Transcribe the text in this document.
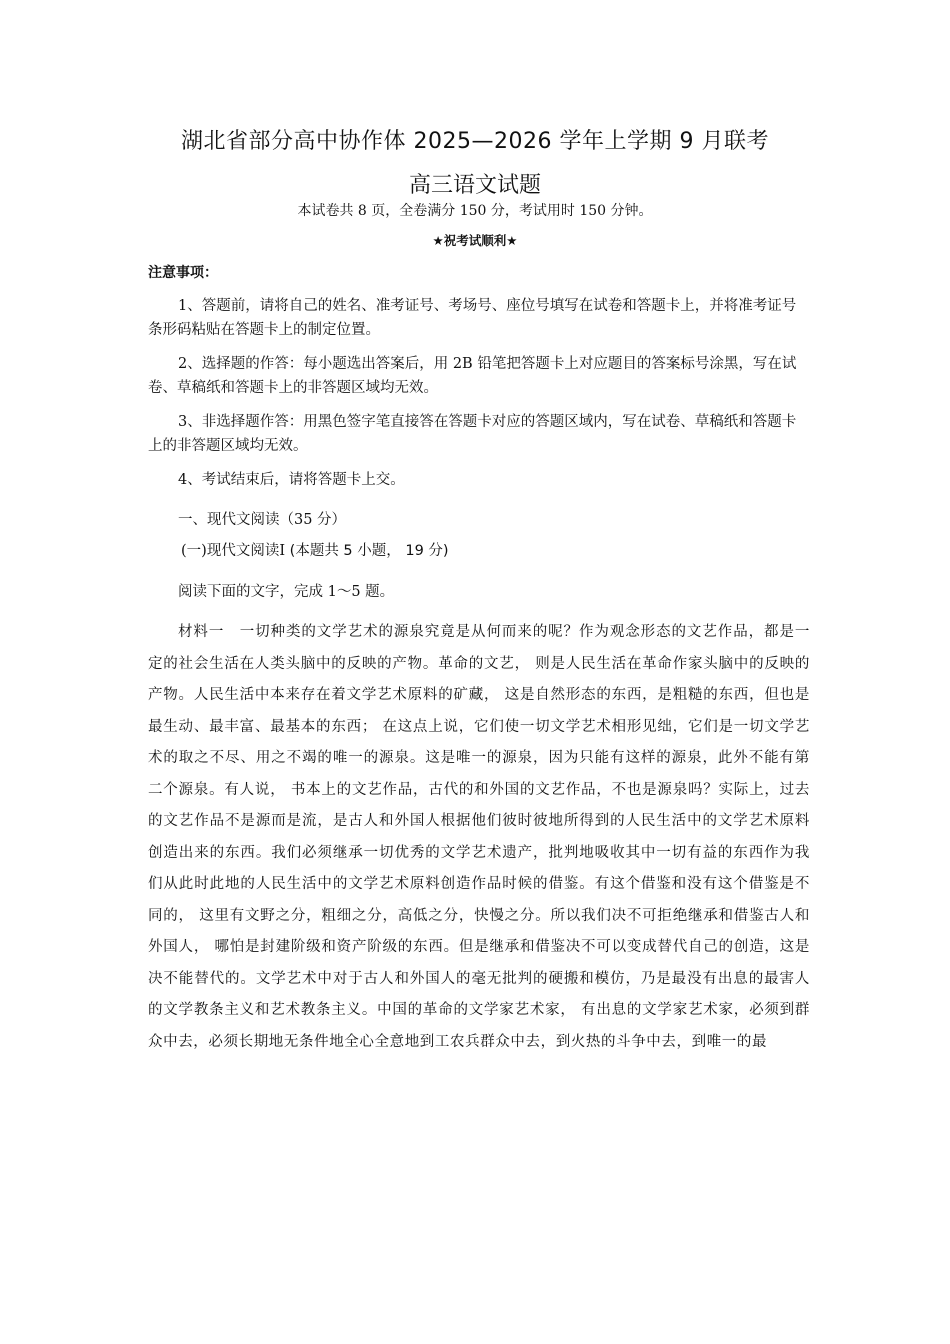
湖北省部分高中协作体 2025—2026 学年上学期 9 月联考
高三语文试题
本试卷共 8 页，全卷满分 150 分，考试用时 150 分钟。
★祝考试顺利★
注意事项：

1、答题前，请将自己的姓名、准考证号、考场号、座位号填写在试卷和答题卡上，并将准考证号条形码粘贴在答题卡上的制定位置。

2、选择题的作答：每小题选出答案后，用 2B 铅笔把答题卡上对应题目的答案标号涂黑，写在试卷、草稿纸和答题卡上的非答题区域均无效。

3、非选择题作答：用黑色签字笔直接答在答题卡对应的答题区域内，写在试卷、草稿纸和答题卡上的非答题区域均无效。

4、考试结束后，请将答题卡上交。

一、现代文阅读（35 分）
(一)现代文阅读Ⅰ (本题共 5 小题， 19 分)
阅读下面的文字，完成 1～5 题。

材料一　一切种类的文学艺术的源泉究竟是从何而来的呢？作为观念形态的文艺作品，都是一定的社会生活在人类头脑中的反映的产物。革命的文艺， 则是人民生活在革命作家头脑中的反映的产物。人民生活中本来存在着文学艺术原料的矿藏， 这是自然形态的东西，是粗糙的东西，但也是最生动、最丰富、最基本的东西； 在这点上说，它们使一切文学艺术相形见绌，它们是一切文学艺术的取之不尽、用之不竭的唯一的源泉。这是唯一的源泉，因为只能有这样的源泉，此外不能有第二个源泉。有人说， 书本上的文艺作品，古代的和外国的文艺作品，不也是源泉吗？实际上，过去的文艺作品不是源而是流，是古人和外国人根据他们彼时彼地所得到的人民生活中的文学艺术原料创造出来的东西。我们必须继承一切优秀的文学艺术遗产，批判地吸收其中一切有益的东西作为我们从此时此地的人民生活中的文学艺术原料创造作品时候的借鉴。有这个借鉴和没有这个借鉴是不同的， 这里有文野之分，粗细之分，高低之分，快慢之分。所以我们决不可拒绝继承和借鉴古人和外国人， 哪怕是封建阶级和资产阶级的东西。但是继承和借鉴决不可以变成替代自己的创造，这是决不能替代的。文学艺术中对于古人和外国人的毫无批判的硬搬和模仿，乃是最没有出息的最害人的文学教条主义和艺术教条主义。中国的革命的文学家艺术家， 有出息的文学家艺术家，必须到群众中去，必须长期地无条件地全心全意地到工农兵群众中去，到火热的斗争中去，到唯一的最
